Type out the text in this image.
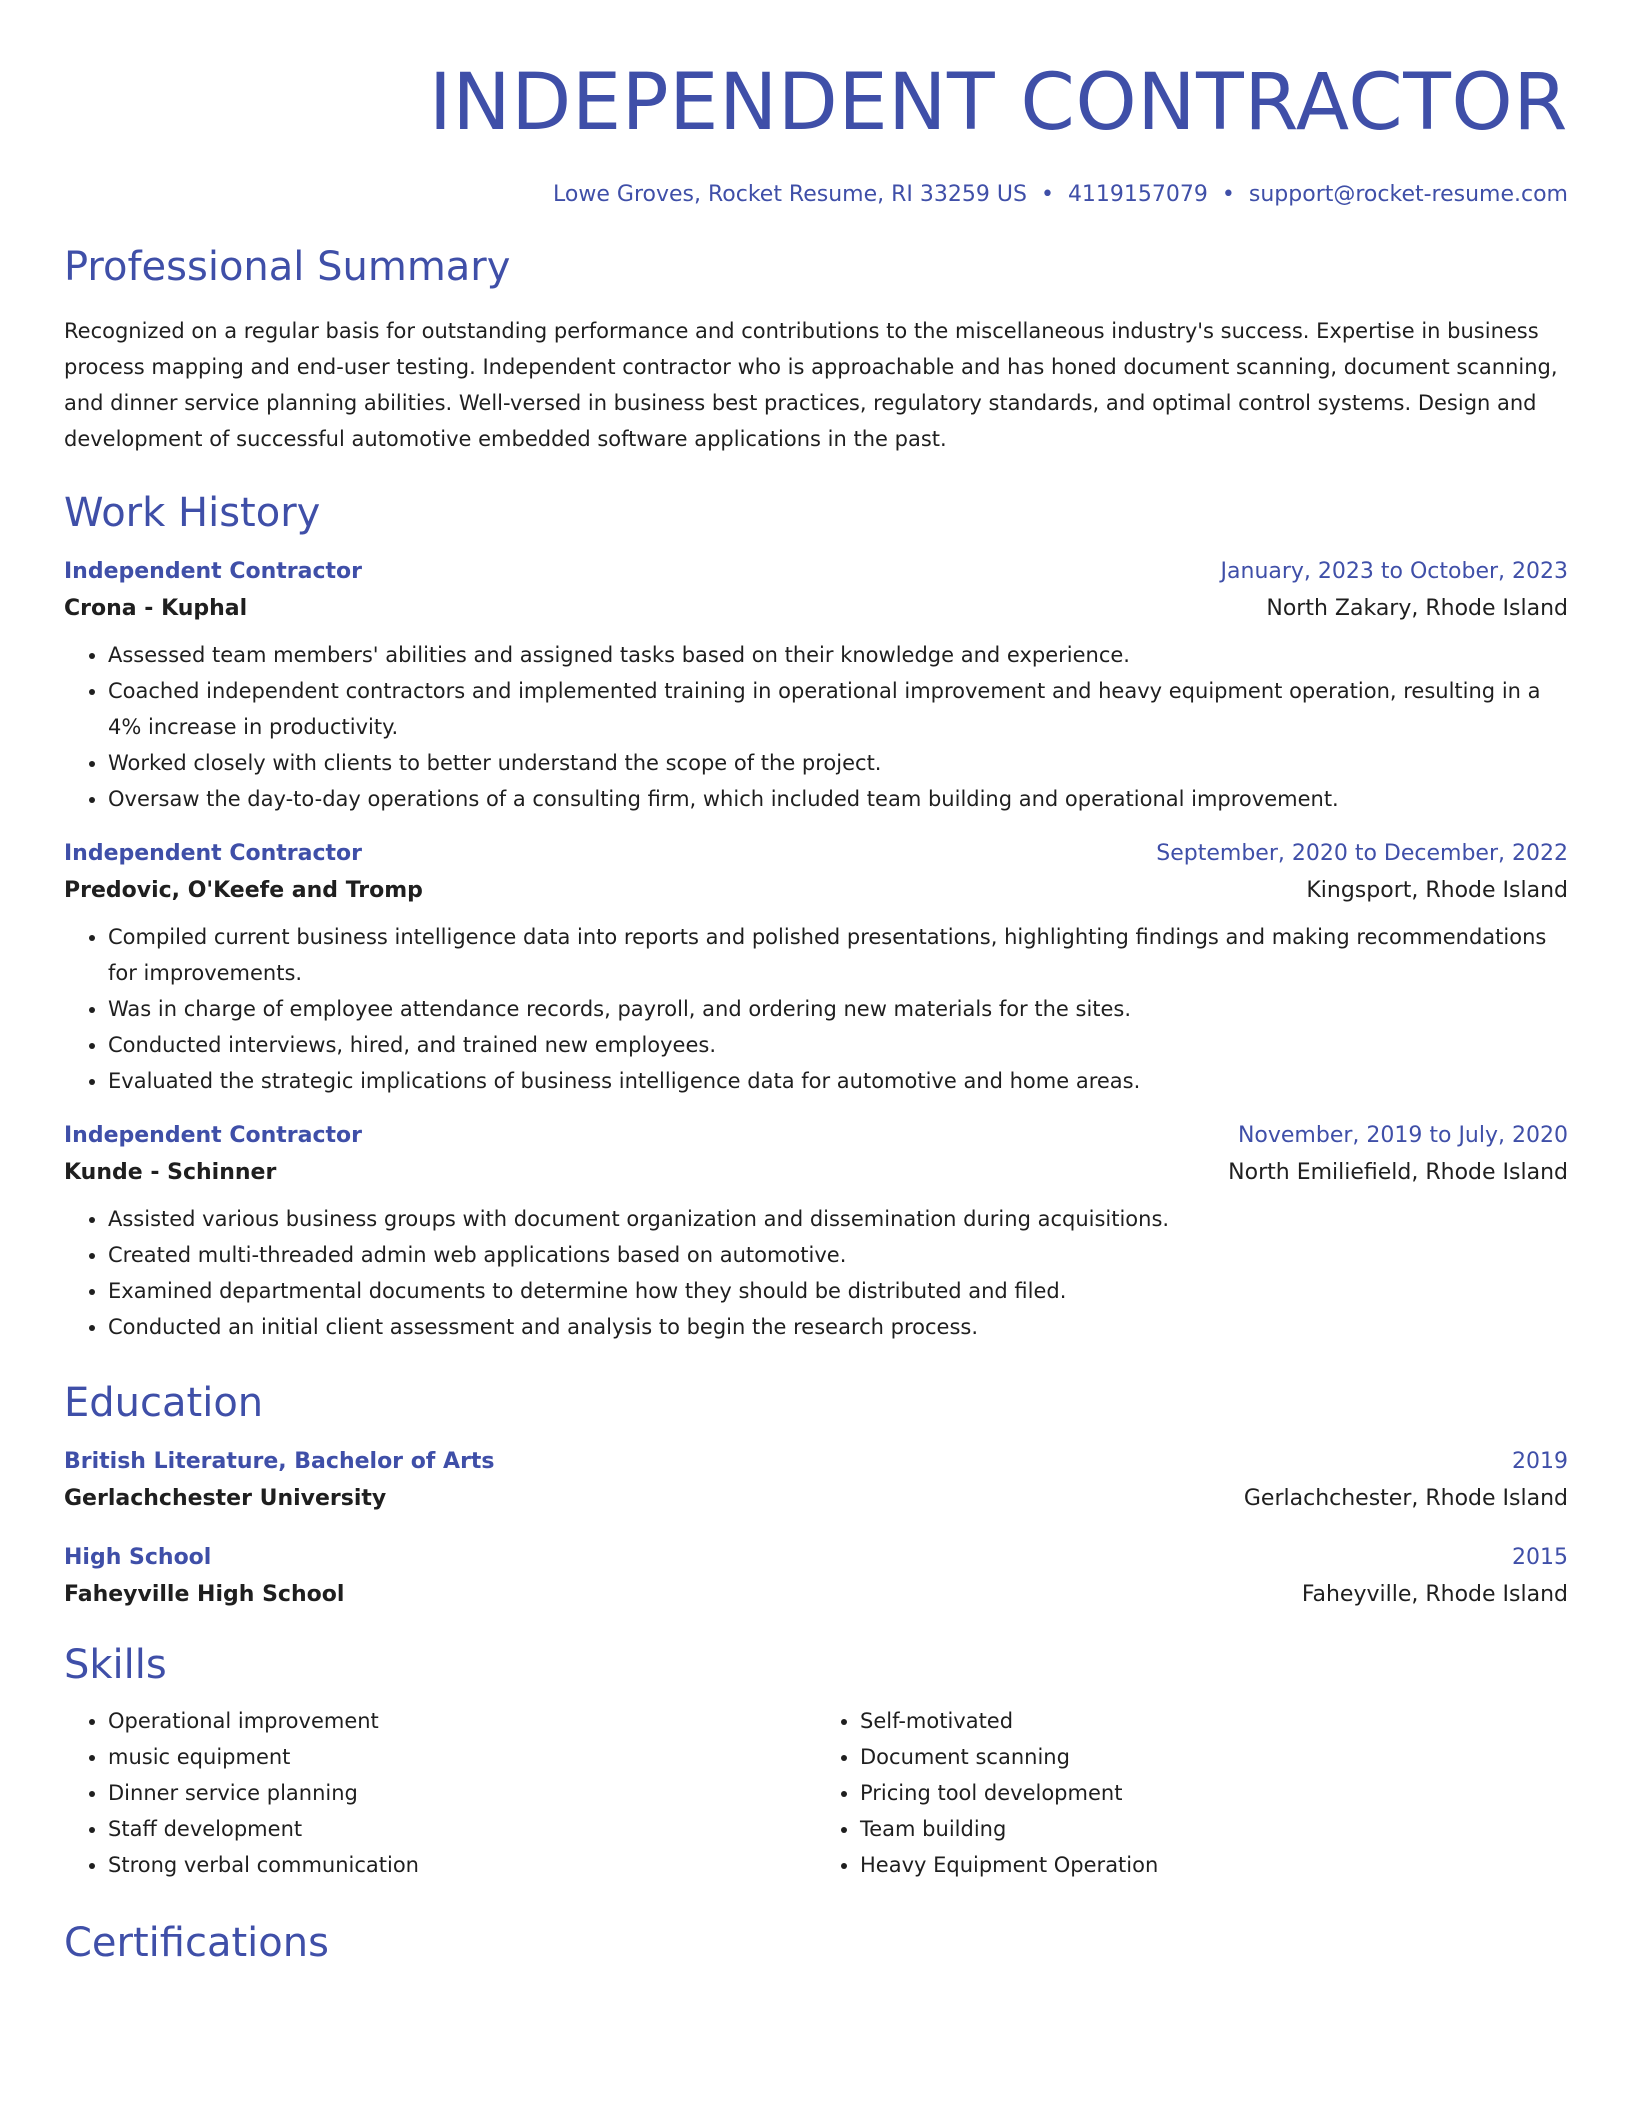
INDEPENDENT CONTRACTOR
Lowe Groves, Rocket Resume, RI 33259 US • 4119157079 • support@rocket-resume.com
Professional Summary

Recognized on a regular basis for outstanding performance and contributions to the miscellaneous industry's success. Expertise in business process mapping and end-user testing. Independent contractor who is approachable and has honed document scanning, document scanning, and dinner service planning abilities. Well-versed in business best practices, regulatory standards, and optimal control systems. Design and development of successful automotive embedded software applications in the past.

Work History
Independent Contractor	January, 2023 to October, 2023
Crona - Kuphal	North Zakary, Rhode Island
• Assessed team members' abilities and assigned tasks based on their knowledge and experience.
• Coached independent contractors and implemented training in operational improvement and heavy equipment operation, resulting in a 4% increase in productivity.
• Worked closely with clients to better understand the scope of the project.
• Oversaw the day-to-day operations of a consulting firm, which included team building and operational improvement.
Independent Contractor	September, 2020 to December, 2022
Predovic, O'Keefe and Tromp	Kingsport, Rhode Island
• Compiled current business intelligence data into reports and polished presentations, highlighting findings and making recommendations for improvements.
• Was in charge of employee attendance records, payroll, and ordering new materials for the sites.
• Conducted interviews, hired, and trained new employees.
• Evaluated the strategic implications of business intelligence data for automotive and home areas.
Independent Contractor	November, 2019 to July, 2020
Kunde - Schinner	North Emiliefield, Rhode Island
• Assisted various business groups with document organization and dissemination during acquisitions.
• Created multi-threaded admin web applications based on automotive.
• Examined departmental documents to determine how they should be distributed and filed.
• Conducted an initial client assessment and analysis to begin the research process.
Education
British Literature, Bachelor of Arts	2019
Gerlachchester University	Gerlachchester, Rhode Island
High School	2015
Faheyville High School	Faheyville, Rhode Island
Skills
• Operational improvement
• music equipment
• Dinner service planning
• Staff development
• Strong verbal communication
• Self-motivated
• Document scanning
• Pricing tool development
• Team building
• Heavy Equipment Operation
Certifications
